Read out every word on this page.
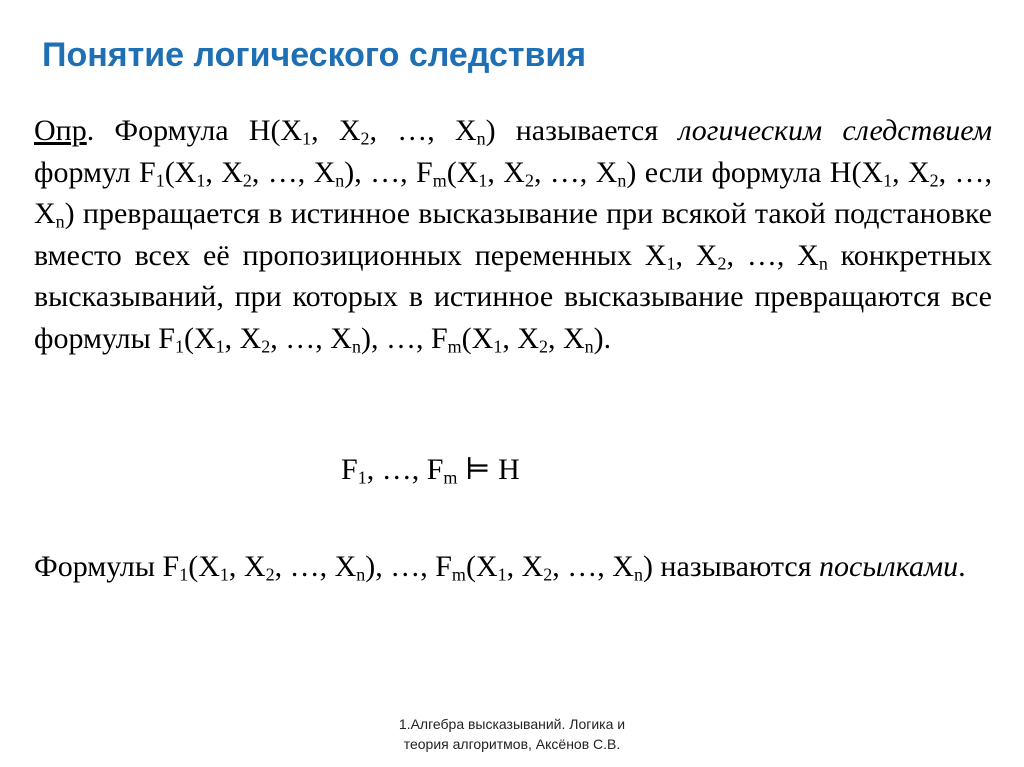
Понятие логического следствия

Опр. Формула $H(X_1$, $X_2$, …, $X_n$) называется логическим следствием формул $F_1(X_1$, $X_2$, …, $X_n$), …, $F_m(X_1$, $X_2$, …, $X_n$) если формула $H(X_1$, $X_2$, …, $X_n$) превращается в истинное высказывание при всякой такой подстановке вместо всех её пропозиционных переменных $X_1$, $X_2$, …, $X_n$ конкретных высказываний, при которых в истинное высказывание превращаются все формулы $F_1(X_1$, $X_2$, …, $X_n$), …, $F_m(X_1$, $X_2$, $X_n$).

$F_1$, …, $F_m$ ⊨ H

Формулы $F_1(X_1$, $X_2$, …, $X_n$), …, $F_m(X_1$, $X_2$, …, $X_n$) называются посылками.

1.Алгебра высказываний. Логика и
теория алгоритмов, Аксёнов С.В.
